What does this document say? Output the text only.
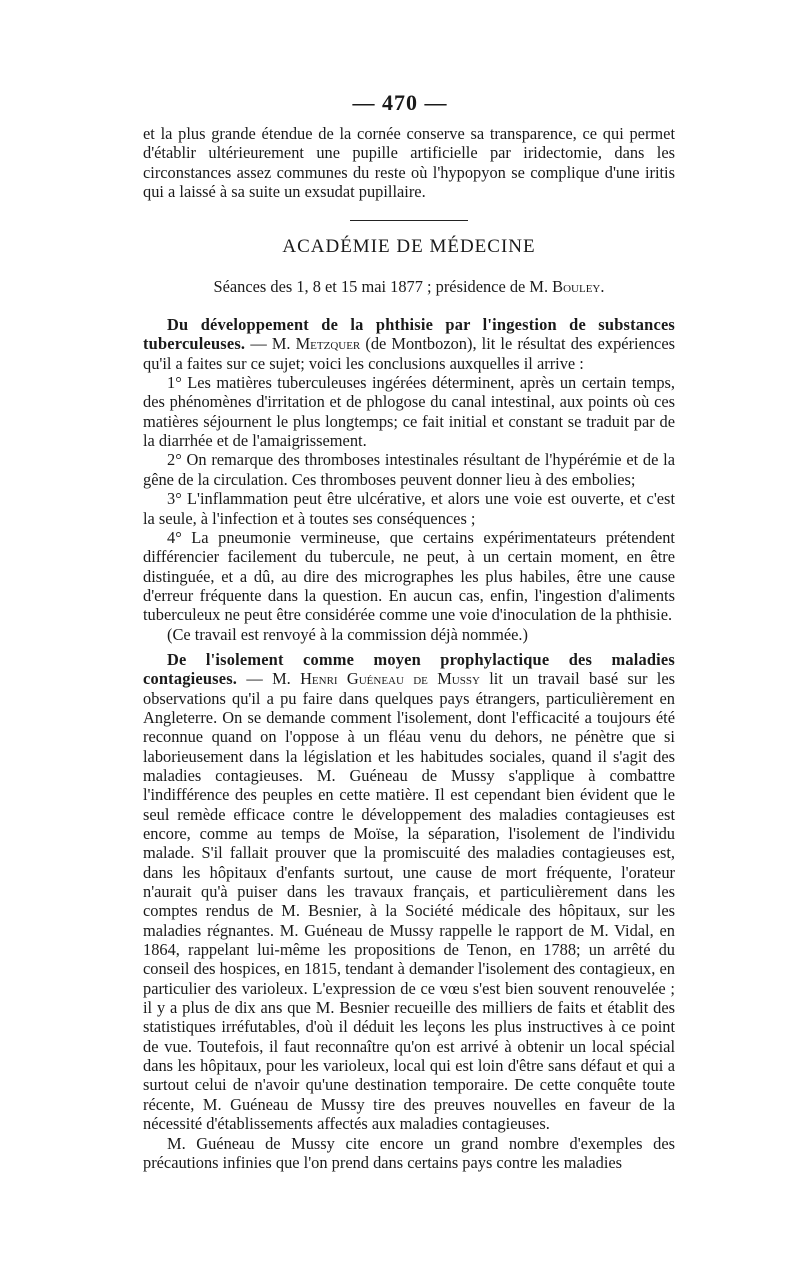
— 470 —

et la plus grande étendue de la cornée conserve sa transparence, ce qui permet d'établir ultérieurement une pupille artificielle par iridectomie, dans les circonstances assez communes du reste où l'hypopyon se complique d'une iritis qui a laissé à sa suite un exsudat pupillaire.

ACADÉMIE DE MÉDECINE
Séances des 1, 8 et 15 mai 1877 ; présidence de M. Bouley.

Du développement de la phthisie par l'ingestion de substances tuberculeuses. — M. Metzquer (de Montbozon), lit le résultat des expériences qu'il a faites sur ce sujet; voici les conclusions auxquelles il arrive :

1° Les matières tuberculeuses ingérées déterminent, après un certain temps, des phénomènes d'irritation et de phlogose du canal intestinal, aux points où ces matières séjournent le plus longtemps; ce fait initial et constant se traduit par de la diarrhée et de l'amaigrissement.

2° On remarque des thromboses intestinales résultant de l'hypérémie et de la gêne de la circulation. Ces thromboses peuvent donner lieu à des embolies;

3° L'inflammation peut être ulcérative, et alors une voie est ouverte, et c'est la seule, à l'infection et à toutes ses conséquences ;

4° La pneumonie vermineuse, que certains expérimentateurs prétendent différencier facilement du tubercule, ne peut, à un certain moment, en être distinguée, et a dû, au dire des micrographes les plus habiles, être une cause d'erreur fréquente dans la question. En aucun cas, enfin, l'ingestion d'aliments tuberculeux ne peut être considérée comme une voie d'inoculation de la phthisie.

(Ce travail est renvoyé à la commission déjà nommée.)

De l'isolement comme moyen prophylactique des maladies contagieuses. — M. Henri Guéneau de Mussy lit un travail basé sur les observations qu'il a pu faire dans quelques pays étrangers, particulièrement en Angleterre. On se demande comment l'isolement, dont l'efficacité a toujours été reconnue quand on l'oppose à un fléau venu du dehors, ne pénètre que si laborieusement dans la législation et les habitudes sociales, quand il s'agit des maladies contagieuses. M. Guéneau de Mussy s'applique à combattre l'indifférence des peuples en cette matière. Il est cependant bien évident que le seul remède efficace contre le développement des maladies contagieuses est encore, comme au temps de Moïse, la séparation, l'isolement de l'individu malade. S'il fallait prouver que la promiscuité des maladies contagieuses est, dans les hôpitaux d'enfants surtout, une cause de mort fréquente, l'orateur n'aurait qu'à puiser dans les travaux français, et particulièrement dans les comptes rendus de M. Besnier, à la Société médicale des hôpitaux, sur les maladies régnantes. M. Guéneau de Mussy rappelle le rapport de M. Vidal, en 1864, rappelant lui-même les propositions de Tenon, en 1788; un arrêté du conseil des hospices, en 1815, tendant à demander l'isolement des contagieux, en particulier des varioleux. L'expression de ce vœu s'est bien souvent renouvelée ; il y a plus de dix ans que M. Besnier recueille des milliers de faits et établit des statistiques irréfutables, d'où il déduit les leçons les plus instructives à ce point de vue. Toutefois, il faut reconnaître qu'on est arrivé à obtenir un local spécial dans les hôpitaux, pour les varioleux, local qui est loin d'être sans défaut et qui a surtout celui de n'avoir qu'une destination temporaire. De cette conquête toute récente, M. Guéneau de Mussy tire des preuves nouvelles en faveur de la nécessité d'établissements affectés aux maladies contagieuses.

M. Guéneau de Mussy cite encore un grand nombre d'exemples des précautions infinies que l'on prend dans certains pays contre les maladies
